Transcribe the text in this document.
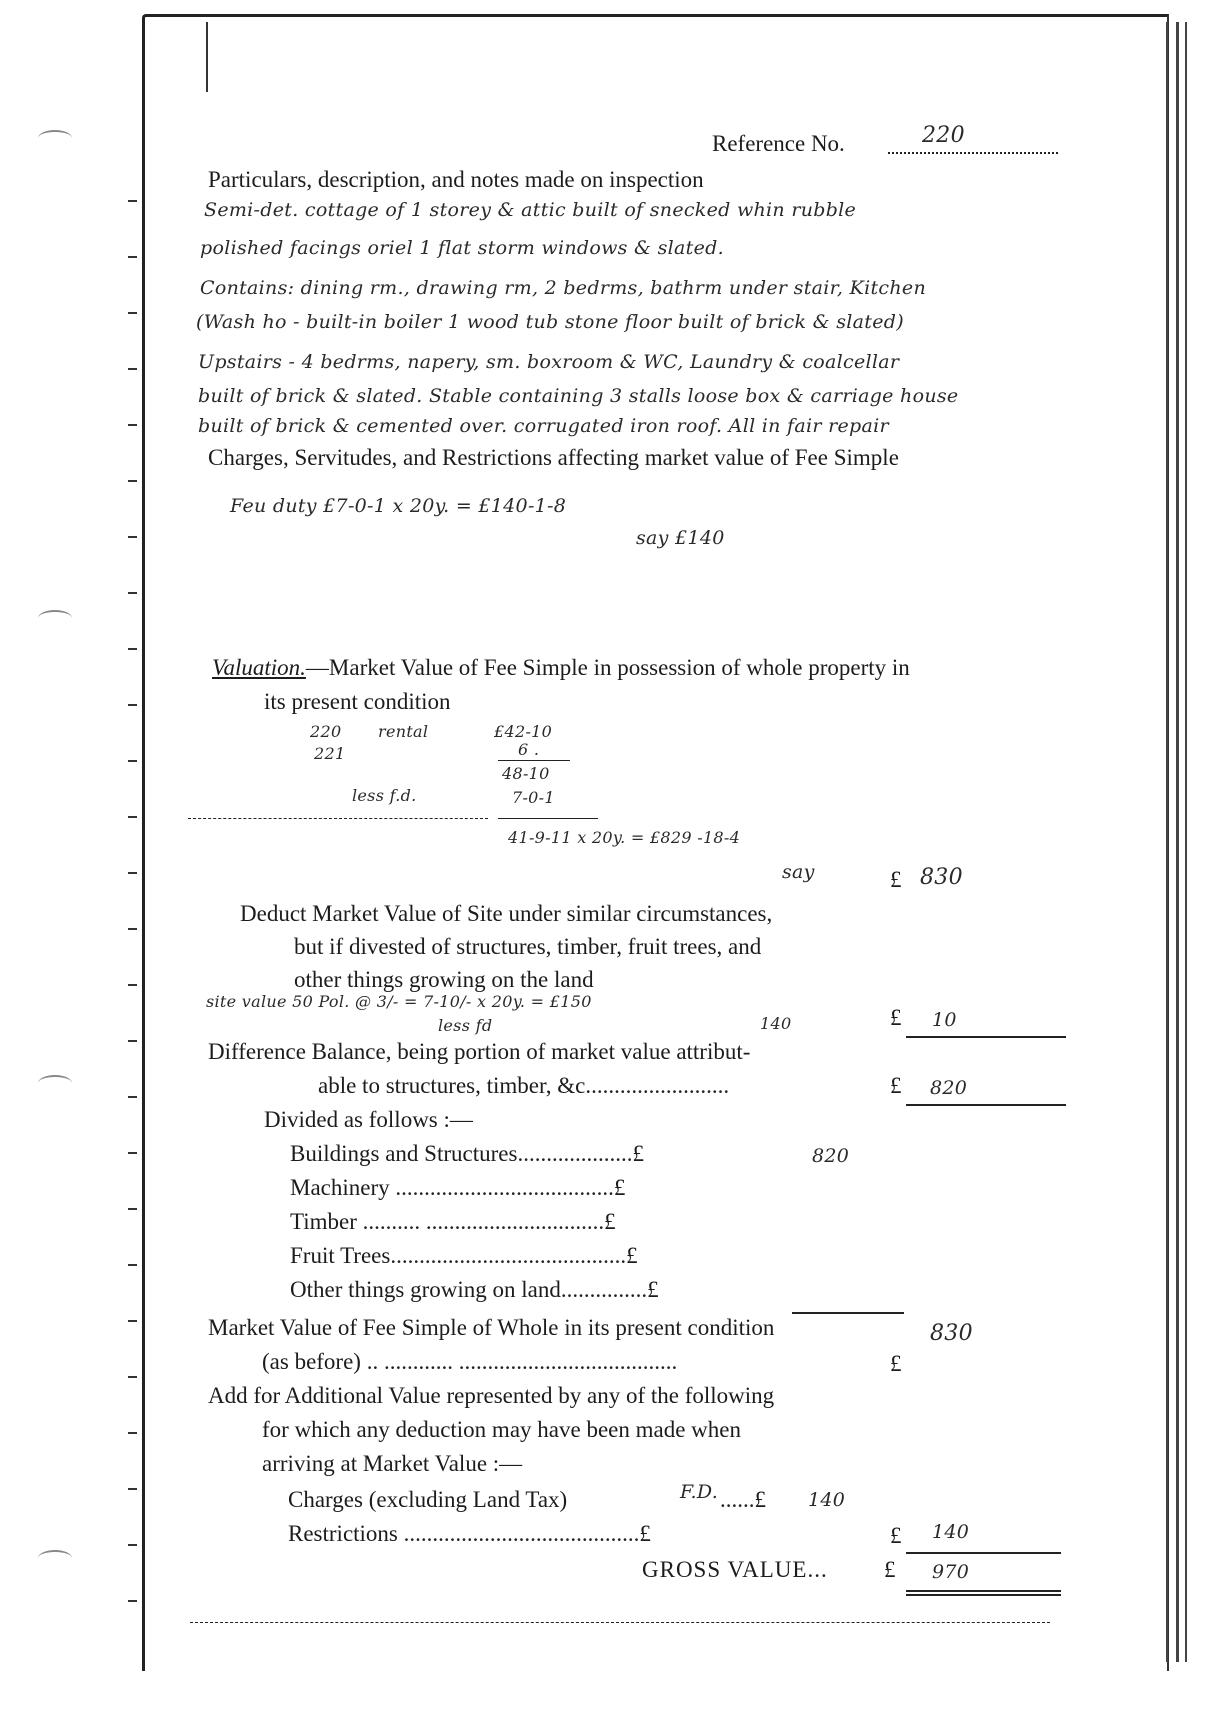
Reference No.	220
Particulars, description, and notes made on inspection
Semi-det. cottage of 1 storey & attic built of snecked whin rubble
polished facings oriel 1 flat storm windows & slated.
Contains: dining rm., drawing rm, 2 bedrms, bathrm under stair, Kitchen
(Wash ho - built-in boiler 1 wood tub stone floor built of brick & slated)
Upstairs - 4 bedrms, napery, sm. boxroom & WC, Laundry & coalcellar
built of brick & slated. Stable containing 3 stalls loose box & carriage house
built of brick & cemented over. corrugated iron roof. All in fair repair
Charges, Servitudes, and Restrictions affecting market value of Fee Simple
Feu duty £7-0-1 x 20y. = £140-1-8
say £140
Valuation.—Market Value of Fee Simple in possession of whole property in
its present condition
220 rental	£42-10
221	6 .
48-10
less f.d.	7-0-1
41-9-11 x 20y. = £829 -18-4
say	£ 830
Deduct Market Value of Site under similar circumstances,
but if divested of structures, timber, fruit trees, and
other things growing on the land
site value 50 Pol. @ 3/- = 7-10/- x 20y. = £150
less fd	140	£ 10
Difference Balance, being portion of market value attribut-
able to structures, timber, &c.........................	£ 820
Divided as follows :—
Buildings and Structures....................£	820
Machinery ......................................£
Timber .......... ...............................£
Fruit Trees.........................................£
Other things growing on land...............£
Market Value of Fee Simple of Whole in its present condition	830
(as before) .. ............ ......................................	£
Add for Additional Value represented by any of the following
for which any deduction may have been made when
arriving at Market Value :—
Charges (excluding Land Tax)	F.D. ......£ 140
Restrictions .........................................£	£ 140
GROSS VALUE... £ 970
